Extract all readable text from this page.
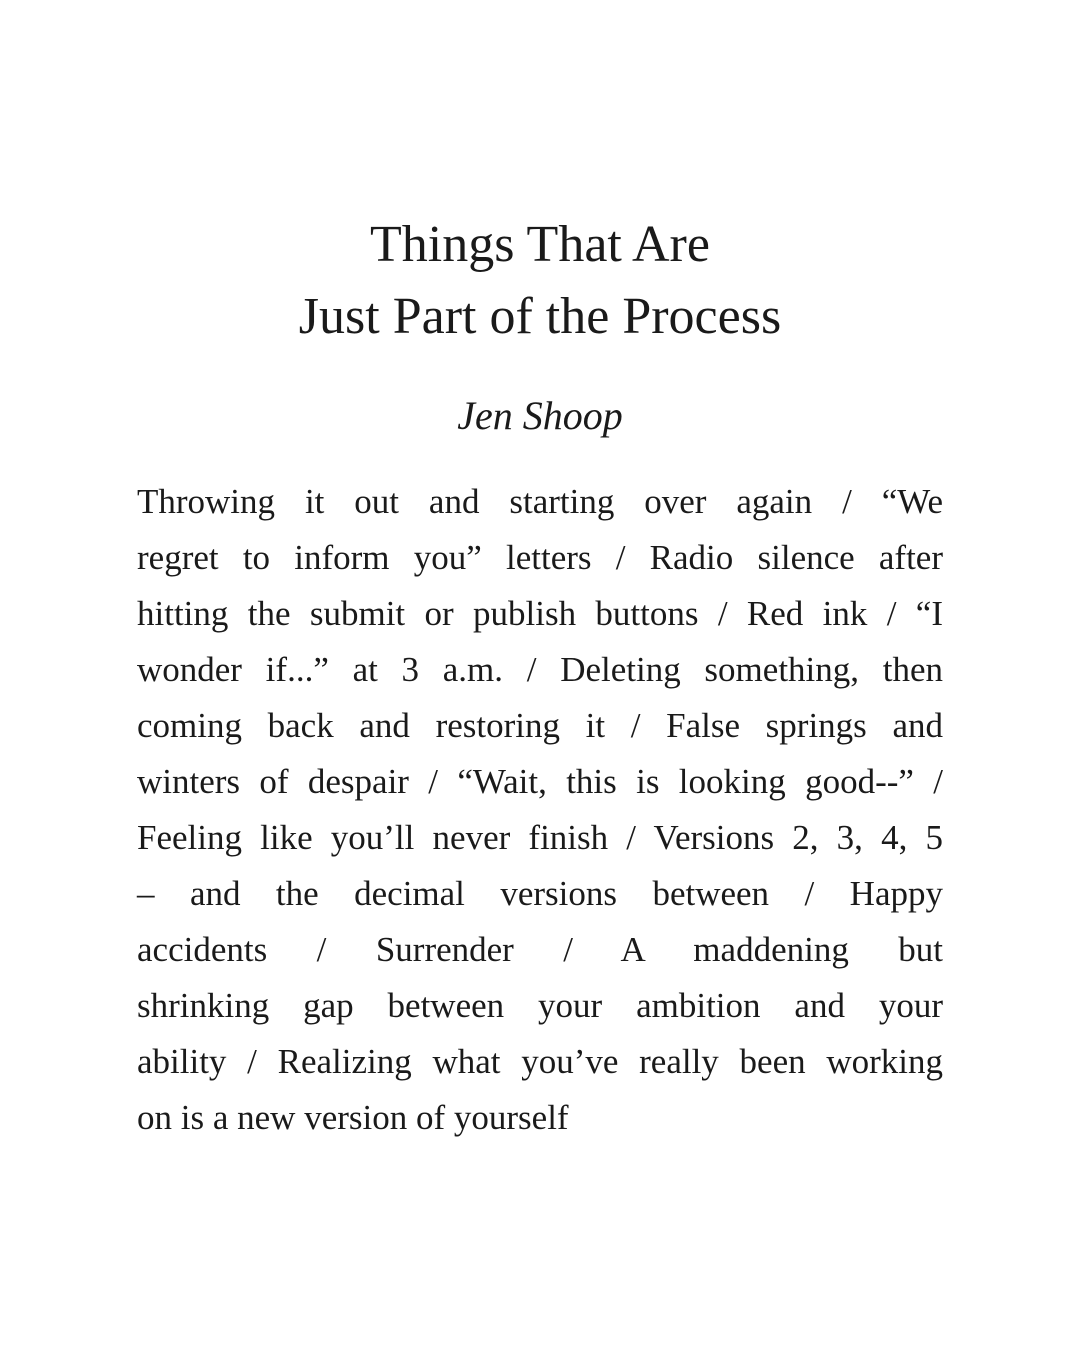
Things That Are
Just Part of the Process
Jen Shoop
Throwing it out and starting over again / “We
regret to inform you” letters / Radio silence after
hitting the submit or publish buttons / Red ink / “I
wonder if...” at 3 a.m. / Deleting something, then
coming back and restoring it / False springs and
winters of despair / “Wait, this is looking good--” /
Feeling like you’ll never finish / Versions 2, 3, 4, 5
– and the decimal versions between / Happy
accidents / Surrender / A maddening but
shrinking gap between your ambition and your
ability / Realizing what you’ve really been working
on is a new version of yourself
